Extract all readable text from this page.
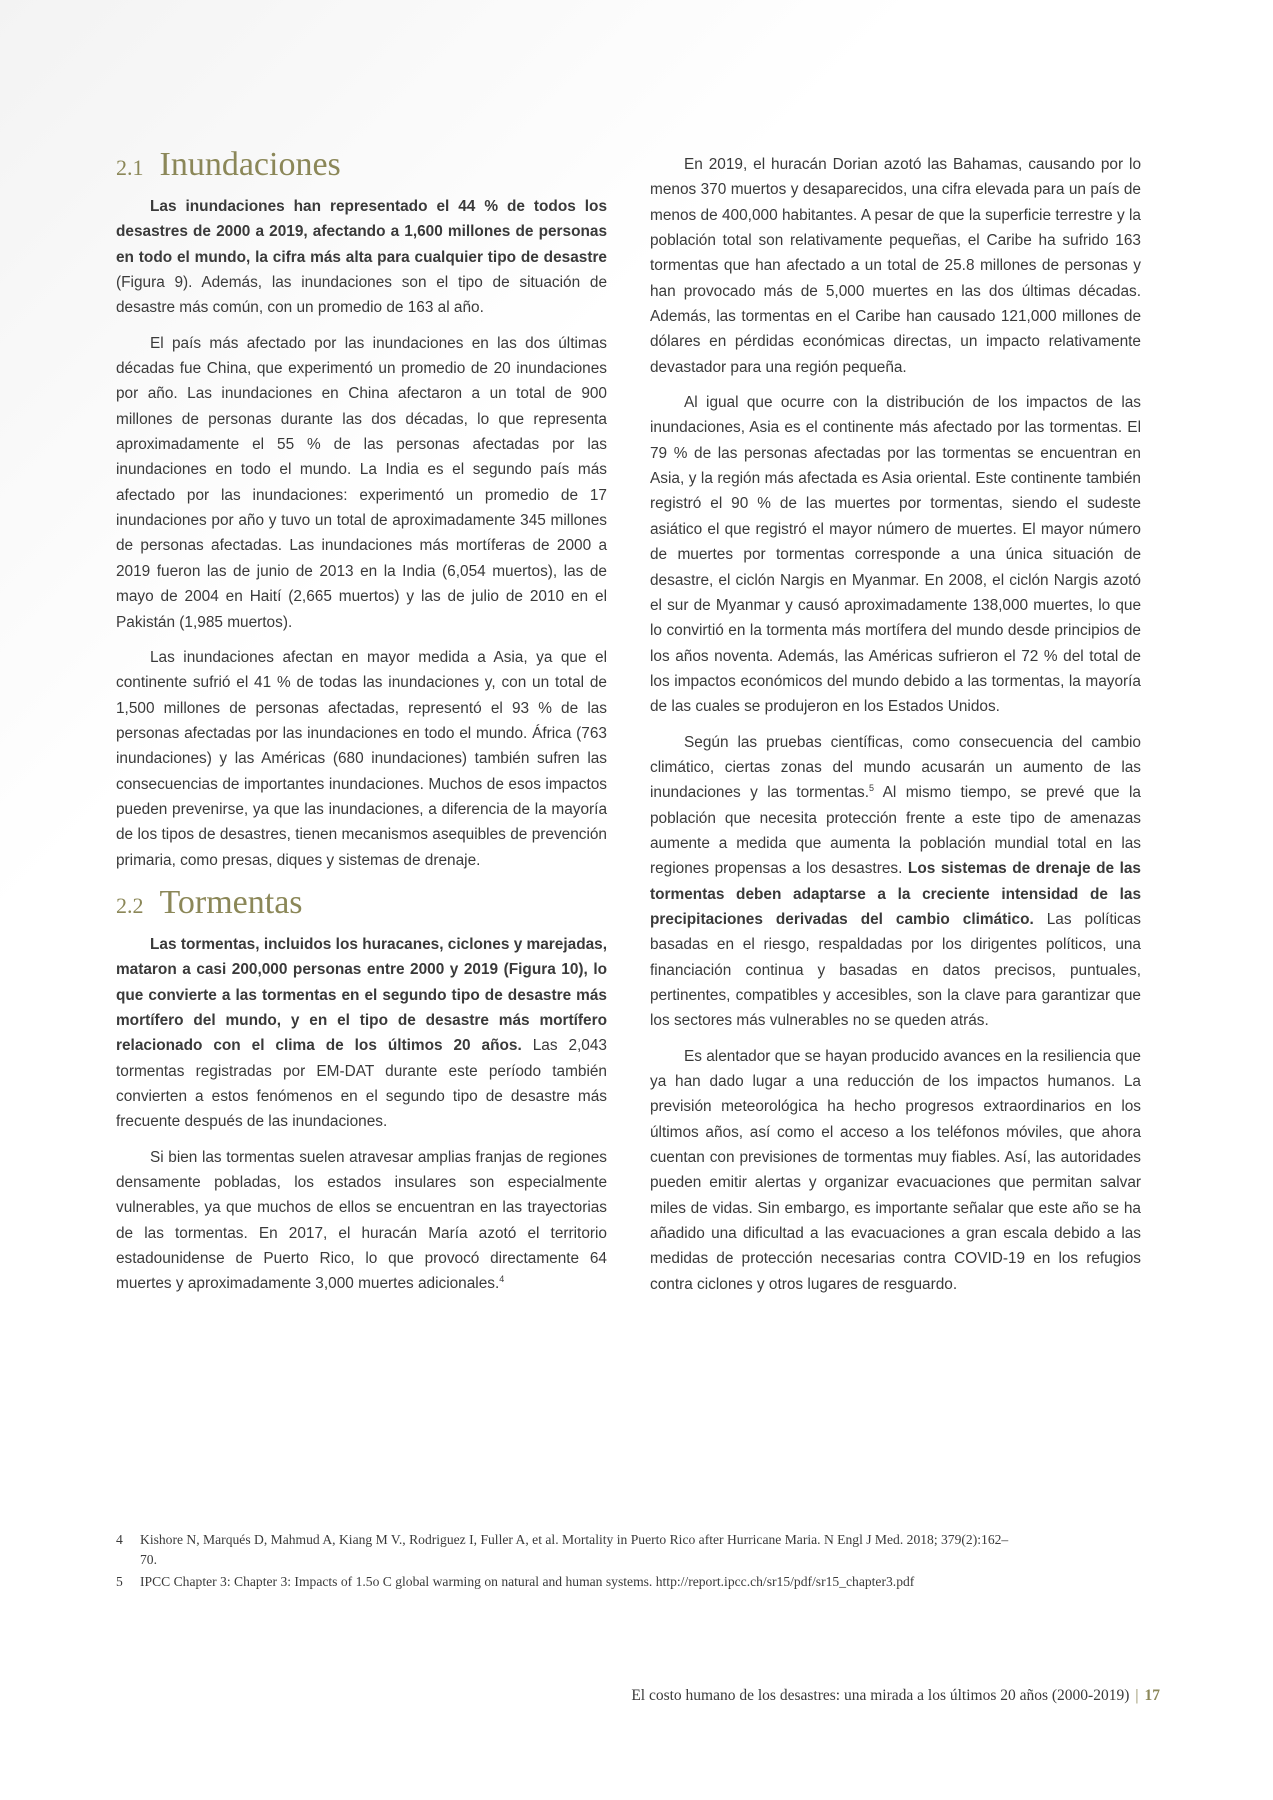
2.1 Inundaciones

Las inundaciones han representado el 44 % de todos los desastres de 2000 a 2019, afectando a 1,600 millones de personas en todo el mundo, la cifra más alta para cualquier tipo de desastre (Figura 9). Además, las inundaciones son el tipo de situación de desastre más común, con un promedio de 163 al año.

El país más afectado por las inundaciones en las dos últimas décadas fue China, que experimentó un promedio de 20 inundaciones por año. Las inundaciones en China afectaron a un total de 900 millones de personas durante las dos décadas, lo que representa aproximadamente el 55 % de las personas afectadas por las inundaciones en todo el mundo. La India es el segundo país más afectado por las inundaciones: experimentó un promedio de 17 inundaciones por año y tuvo un total de aproximadamente 345 millones de personas afectadas. Las inundaciones más mortíferas de 2000 a 2019 fueron las de junio de 2013 en la India (6,054 muertos), las de mayo de 2004 en Haití (2,665 muertos) y las de julio de 2010 en el Pakistán (1,985 muertos).

Las inundaciones afectan en mayor medida a Asia, ya que el continente sufrió el 41 % de todas las inundaciones y, con un total de 1,500 millones de personas afectadas, representó el 93 % de las personas afectadas por las inundaciones en todo el mundo. África (763 inundaciones) y las Américas (680 inundaciones) también sufren las consecuencias de importantes inundaciones. Muchos de esos impactos pueden prevenirse, ya que las inundaciones, a diferencia de la mayoría de los tipos de desastres, tienen mecanismos asequibles de prevención primaria, como presas, diques y sistemas de drenaje.

2.2 Tormentas

Las tormentas, incluidos los huracanes, ciclones y marejadas, mataron a casi 200,000 personas entre 2000 y 2019 (Figura 10), lo que convierte a las tormentas en el segundo tipo de desastre más mortífero del mundo, y en el tipo de desastre más mortífero relacionado con el clima de los últimos 20 años. Las 2,043 tormentas registradas por EM-DAT durante este período también convierten a estos fenómenos en el segundo tipo de desastre más frecuente después de las inundaciones.

Si bien las tormentas suelen atravesar amplias franjas de regiones densamente pobladas, los estados insulares son especialmente vulnerables, ya que muchos de ellos se encuentran en las trayectorias de las tormentas. En 2017, el huracán María azotó el territorio estadounidense de Puerto Rico, lo que provocó directamente 64 muertes y aproximadamente 3,000 muertes adicionales.$^4$

En 2019, el huracán Dorian azotó las Bahamas, causando por lo menos 370 muertos y desaparecidos, una cifra elevada para un país de menos de 400,000 habitantes. A pesar de que la superficie terrestre y la población total son relativamente pequeñas, el Caribe ha sufrido 163 tormentas que han afectado a un total de 25.8 millones de personas y han provocado más de 5,000 muertes en las dos últimas décadas. Además, las tormentas en el Caribe han causado 121,000 millones de dólares en pérdidas económicas directas, un impacto relativamente devastador para una región pequeña.

Al igual que ocurre con la distribución de los impactos de las inundaciones, Asia es el continente más afectado por las tormentas. El 79 % de las personas afectadas por las tormentas se encuentran en Asia, y la región más afectada es Asia oriental. Este continente también registró el 90 % de las muertes por tormentas, siendo el sudeste asiático el que registró el mayor número de muertes. El mayor número de muertes por tormentas corresponde a una única situación de desastre, el ciclón Nargis en Myanmar. En 2008, el ciclón Nargis azotó el sur de Myanmar y causó aproximadamente 138,000 muertes, lo que lo convirtió en la tormenta más mortífera del mundo desde principios de los años noventa. Además, las Américas sufrieron el 72 % del total de los impactos económicos del mundo debido a las tormentas, la mayoría de las cuales se produjeron en los Estados Unidos.

Según las pruebas científicas, como consecuencia del cambio climático, ciertas zonas del mundo acusarán un aumento de las inundaciones y las tormentas.$^5$ Al mismo tiempo, se prevé que la población que necesita protección frente a este tipo de amenazas aumente a medida que aumenta la población mundial total en las regiones propensas a los desastres. Los sistemas de drenaje de las tormentas deben adaptarse a la creciente intensidad de las precipitaciones derivadas del cambio climático. Las políticas basadas en el riesgo, respaldadas por los dirigentes políticos, una financiación continua y basadas en datos precisos, puntuales, pertinentes, compatibles y accesibles, son la clave para garantizar que los sectores más vulnerables no se queden atrás.

Es alentador que se hayan producido avances en la resiliencia que ya han dado lugar a una reducción de los impactos humanos. La previsión meteorológica ha hecho progresos extraordinarios en los últimos años, así como el acceso a los teléfonos móviles, que ahora cuentan con previsiones de tormentas muy fiables. Así, las autoridades pueden emitir alertas y organizar evacuaciones que permitan salvar miles de vidas. Sin embargo, es importante señalar que este año se ha añadido una dificultad a las evacuaciones a gran escala debido a las medidas de protección necesarias contra COVID-19 en los refugios contra ciclones y otros lugares de resguardo.

4	Kishore N, Marqués D, Mahmud A, Kiang M V., Rodriguez I, Fuller A, et al. Mortality in Puerto Rico after Hurricane Maria. N Engl J Med. 2018; 379(2):162–70.
5	IPCC Chapter 3: Chapter 3: Impacts of 1.5o C global warming on natural and human systems. http://report.ipcc.ch/sr15/pdf/sr15_chapter3.pdf
El costo humano de los desastres: una mirada a los últimos 20 años (2000-2019) | 17
